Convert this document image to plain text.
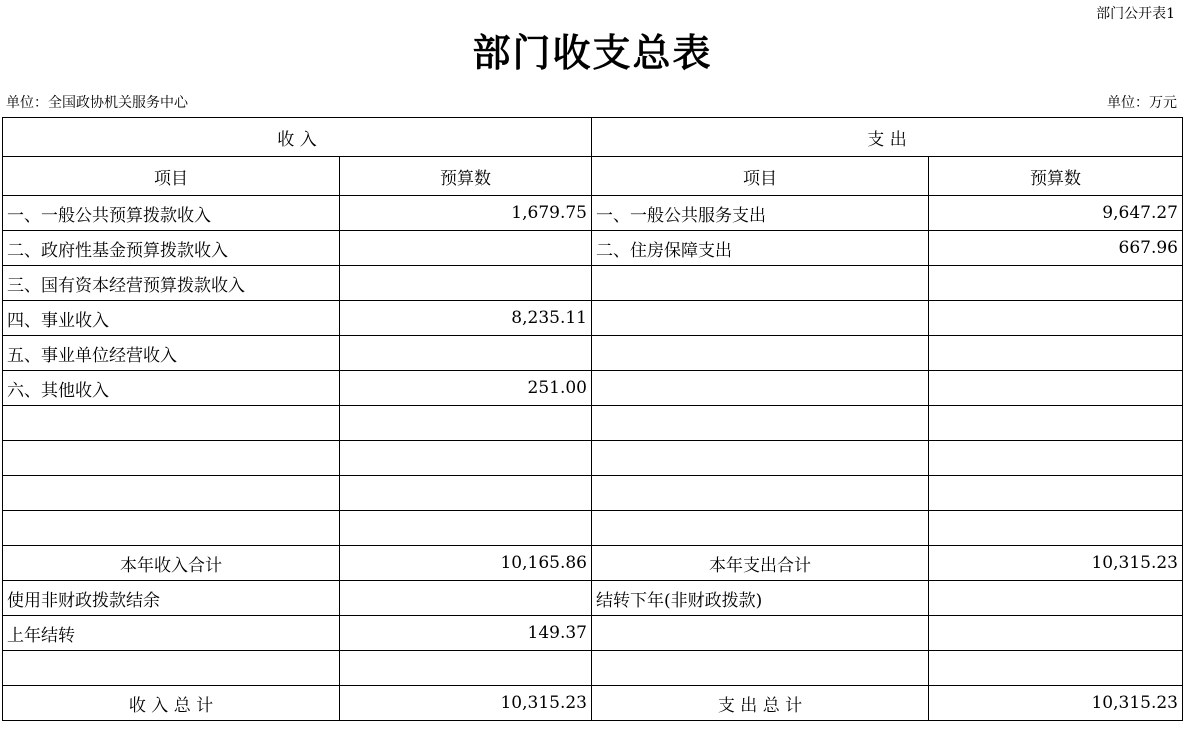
部门公开表1
部门收支总表
单位：全国政协机关服务中心	单位：万元
收 入		支 出	
项目	预算数	项目	预算数
一、一般公共预算拨款收入	1,679.75	一、一般公共服务支出	9,647.27
二、政府性基金预算拨款收入		二、住房保障支出	667.96
三、国有资本经营预算拨款收入			
四、事业收入	8,235.11		
五、事业单位经营收入			
六、其他收入	251.00		

本年收入合计	10,165.86	本年支出合计	10,315.23
使用非财政拨款结余		结转下年(非财政拨款)	
上年结转	149.37		

收 入 总 计	10,315.23	支 出 总 计	10,315.23
